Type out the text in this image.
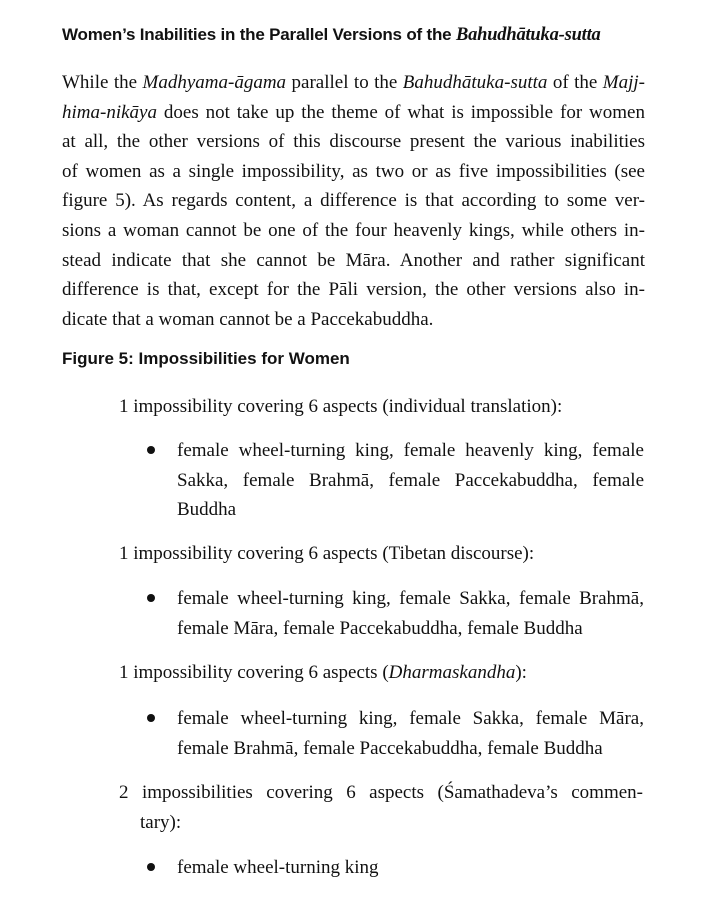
Women’s Inabilities in the Parallel Versions of the Bahudhātuka-sutta
While the Madhyama-āgama parallel to the Bahudhātuka-sutta of the Majj-
hima-nikāya does not take up the theme of what is impossible for women
at all, the other versions of this discourse present the various inabilities
of women as a single impossibility, as two or as five impossibilities (see
figure 5). As regards content, a difference is that according to some ver-
sions a woman cannot be one of the four heavenly kings, while others in-
stead indicate that she cannot be Māra. Another and rather significant
difference is that, except for the Pāli version, the other versions also in-
dicate that a woman cannot be a Paccekabuddha.
Figure 5: Impossibilities for Women
1 impossibility covering 6 aspects (individual translation):
female wheel-turning king, female heavenly king, female
Sakka, female Brahmā, female Paccekabuddha, female
Buddha
1 impossibility covering 6 aspects (Tibetan discourse):
female wheel-turning king, female Sakka, female Brahmā,
female Māra, female Paccekabuddha, female Buddha
1 impossibility covering 6 aspects (Dharmaskandha):
female wheel-turning king, female Sakka, female Māra,
female Brahmā, female Paccekabuddha, female Buddha
2 impossibilities covering 6 aspects (Śamathadeva’s commen-
tary):
female wheel-turning king
